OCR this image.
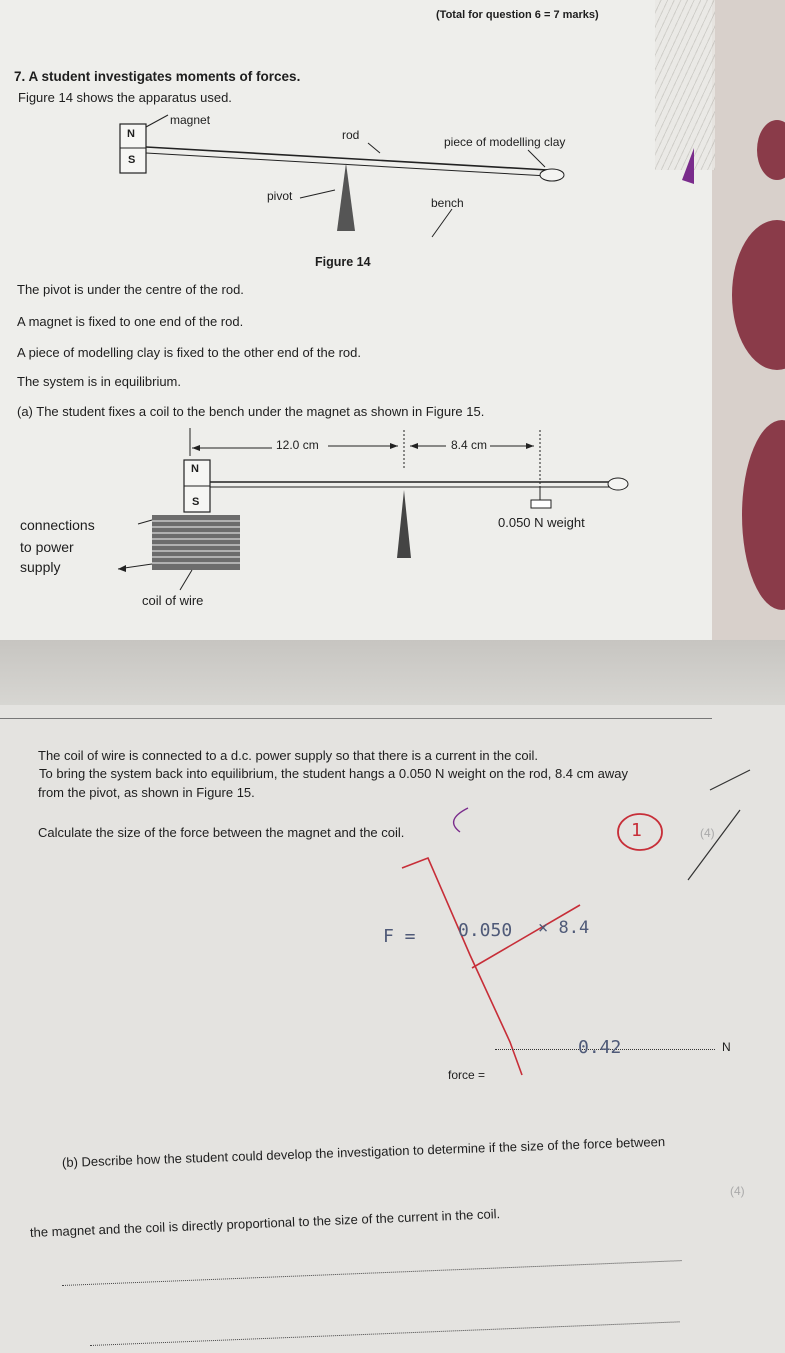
(Total for question 6 = 7 marks)
7. A student investigates moments of forces.
Figure 14 shows the apparatus used.
magnet
N
S
rod	piece of modelling clay
pivot	bench
Figure 14
The pivot is under the centre of the rod.
A magnet is fixed to one end of the rod.
A piece of modelling clay is fixed to the other end of the rod.
The system is in equilibrium.
(a) The student fixes a coil to the bench under the magnet as shown in Figure 15.
12.0 cm	8.4 cm
N
S
connections
to power
supply
0.050 N weight
coil of wire
The coil of wire is connected to a d.c. power supply so that there is a current in the coil.
To bring the system back into equilibrium, the student hangs a 0.050 N weight on the rod, 8.4 cm away
from the pivot, as shown in Figure 15.
Calculate the size of the force between the magnet and the coil.	(4)
F = 0.050 × 8.4
1
force =
0.42	N
(b) Describe how the student could develop the investigation to determine if the size of the force between
the magnet and the coil is directly proportional to the size of the current in the coil.
(4)
